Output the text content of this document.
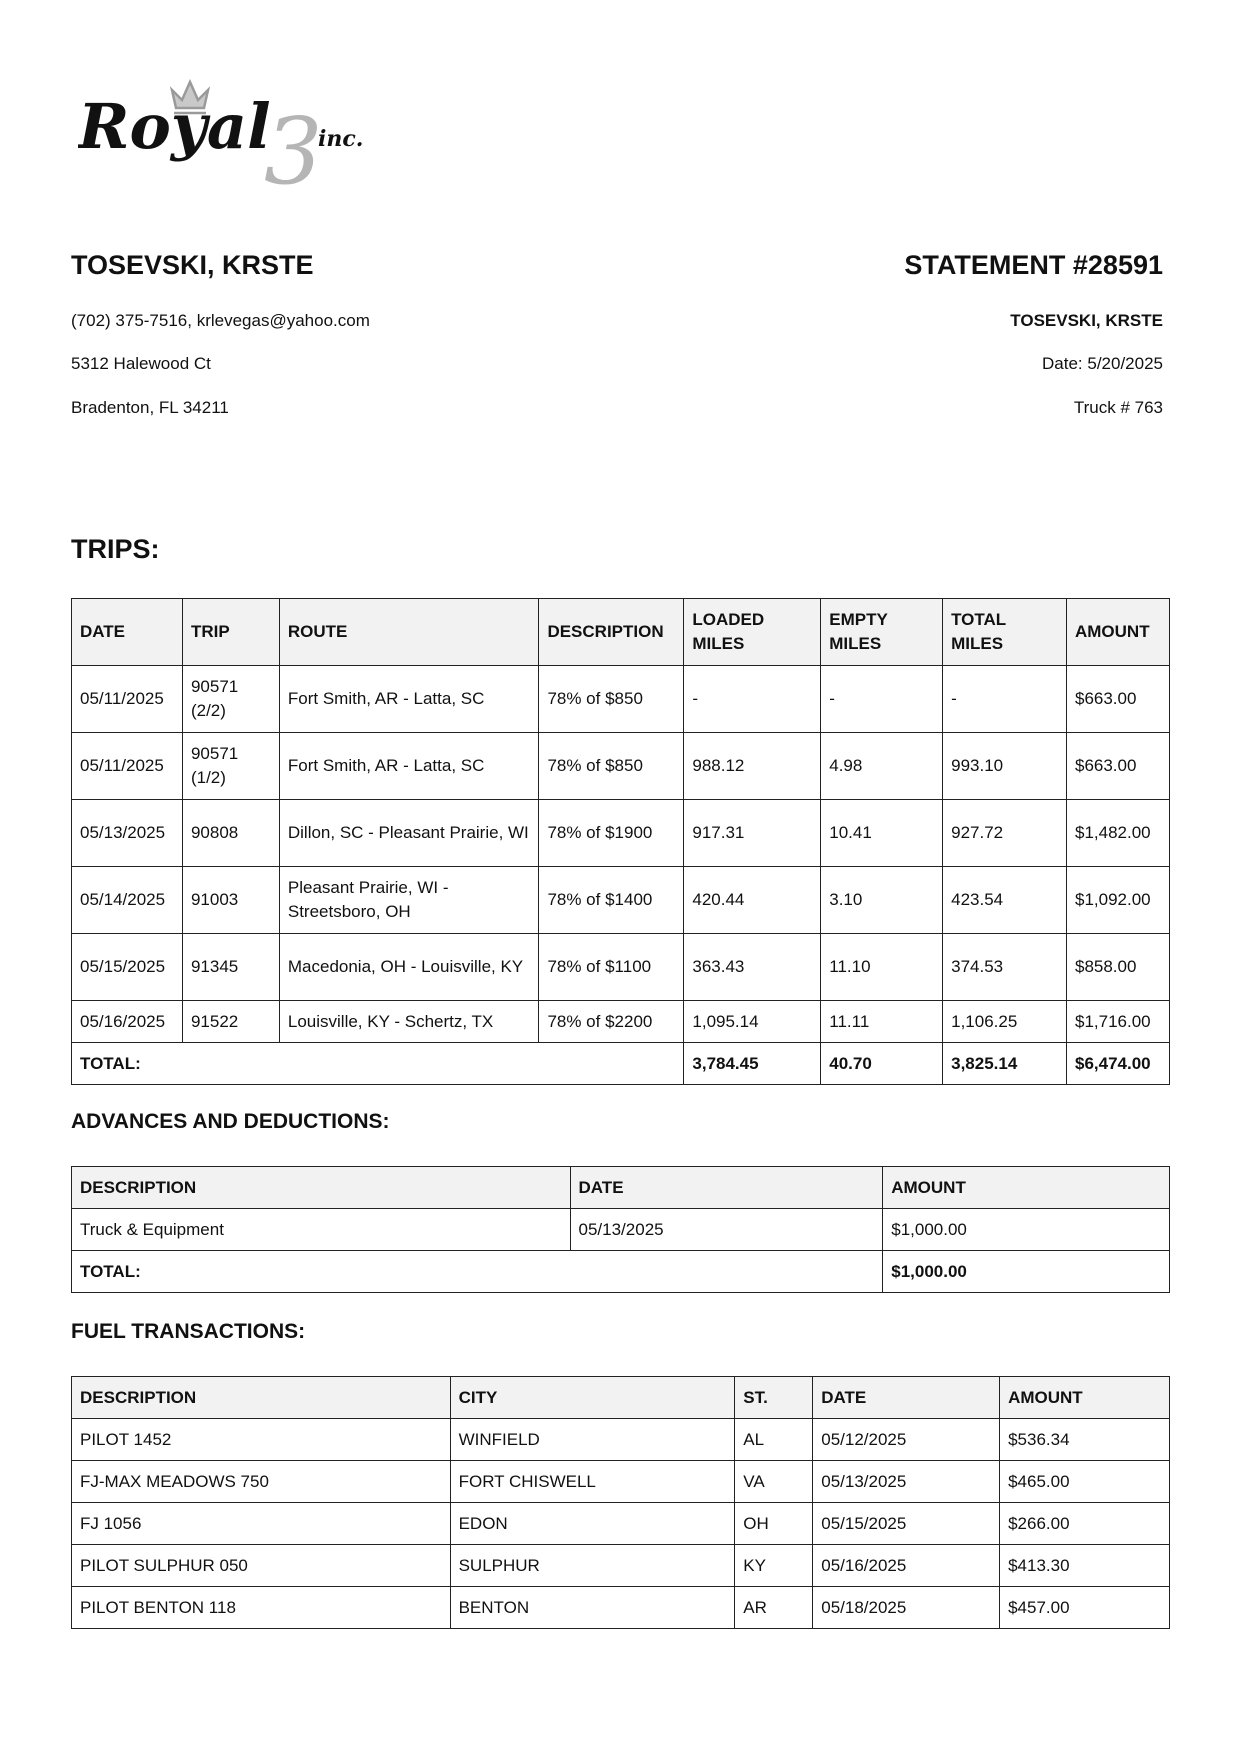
3
Royal inc.
TOSEVSKI, KRSTE
(702) 375-7516, krlevegas@yahoo.com
5312 Halewood Ct
Bradenton, FL 34211
STATEMENT #28591
TOSEVSKI, KRSTE
Date: 5/20/2025
Truck # 763
TRIPS:
DATE	TRIP	ROUTE	DESCRIPTION	LOADED MILES	EMPTY MILES	TOTAL MILES	AMOUNT
05/11/2025	90571 (2/2)	Fort Smith, AR - Latta, SC	78% of $850	-	-	-	$663.00
05/11/2025	90571 (1/2)	Fort Smith, AR - Latta, SC	78% of $850	988.12	4.98	993.10	$663.00
05/13/2025	90808	Dillon, SC - Pleasant Prairie, WI	78% of $1900	917.31	10.41	927.72	$1,482.00
05/14/2025	91003	Pleasant Prairie, WI - Streetsboro, OH	78% of $1400	420.44	3.10	423.54	$1,092.00
05/15/2025	91345	Macedonia, OH - Louisville, KY	78% of $1100	363.43	11.10	374.53	$858.00
05/16/2025	91522	Louisville, KY - Schertz, TX	78% of $2200	1,095.14	11.11	1,106.25	$1,716.00
TOTAL:				3,784.45	40.70	3,825.14	$6,474.00
ADVANCES AND DEDUCTIONS:
DESCRIPTION	DATE	AMOUNT
Truck & Equipment	05/13/2025	$1,000.00
TOTAL:		$1,000.00
FUEL TRANSACTIONS:
DESCRIPTION	CITY	ST.	DATE	AMOUNT
PILOT 1452	WINFIELD	AL	05/12/2025	$536.34
FJ-MAX MEADOWS 750	FORT CHISWELL	VA	05/13/2025	$465.00
FJ 1056	EDON	OH	05/15/2025	$266.00
PILOT SULPHUR 050	SULPHUR	KY	05/16/2025	$413.30
PILOT BENTON 118	BENTON	AR	05/18/2025	$457.00
